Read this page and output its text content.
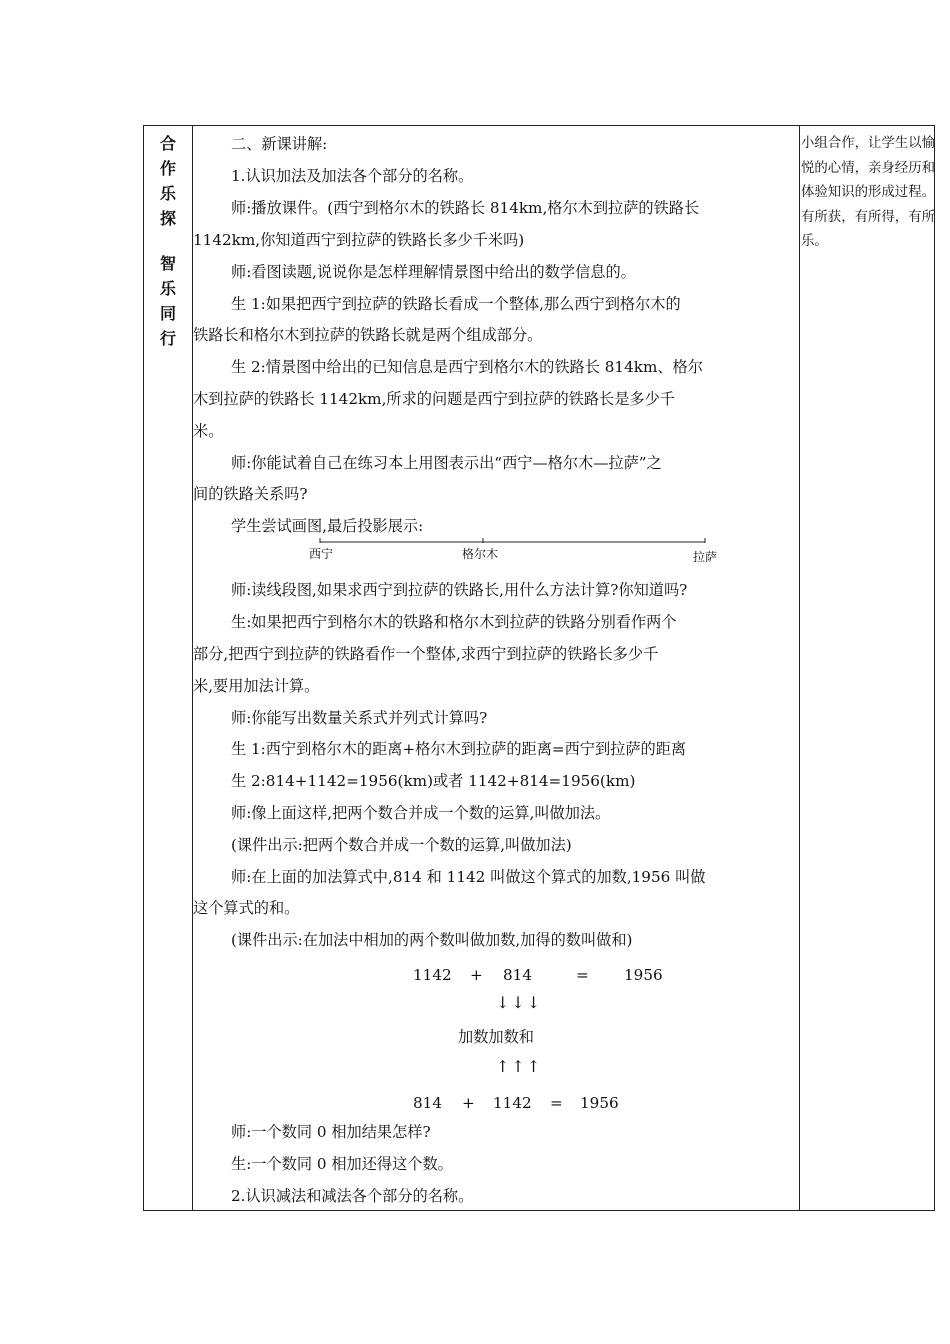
合
作
乐
探
智
乐
同
行
二、新课讲解:
1.认识加法及加法各个部分的名称。
师:播放课件。(西宁到格尔木的铁路长 814km,格尔木到拉萨的铁路长
1142km,你知道西宁到拉萨的铁路长多少千米吗)
师:看图读题,说说你是怎样理解情景图中给出的数学信息的。
生 1:如果把西宁到拉萨的铁路长看成一个整体,那么西宁到格尔木的
铁路长和格尔木到拉萨的铁路长就是两个组成部分。
生 2:情景图中给出的已知信息是西宁到格尔木的铁路长 814km、格尔
木到拉萨的铁路长 1142km,所求的问题是西宁到拉萨的铁路长是多少千
米。
师:你能试着自己在练习本上用图表示出“西宁—格尔木—拉萨”之
间的铁路关系吗?
学生尝试画图,最后投影展示:
西宁	格尔木	拉萨
师:读线段图,如果求西宁到拉萨的铁路长,用什么方法计算?你知道吗?
生:如果把西宁到格尔木的铁路和格尔木到拉萨的铁路分别看作两个
部分,把西宁到拉萨的铁路看作一个整体,求西宁到拉萨的铁路长多少千
米,要用加法计算。
师:你能写出数量关系式并列式计算吗?
生 1:西宁到格尔木的距离+格尔木到拉萨的距离=西宁到拉萨的距离
生 2:814+1142=1956(km)或者 1142+814=1956(km)
师:像上面这样,把两个数合并成一个数的运算,叫做加法。
(课件出示:把两个数合并成一个数的运算,叫做加法)
师:在上面的加法算式中,814 和 1142 叫做这个算式的加数,1956 叫做
这个算式的和。
(课件出示:在加法中相加的两个数叫做加数,加得的数叫做和)
1142 + 814	= 1956
↓↓↓
加数加数和
↑↑↑
814 + 1142 = 1956
师:一个数同 0 相加结果怎样?
生:一个数同 0 相加还得这个数。
2.认识减法和减法各个部分的名称。
小组合作，让学生以愉悦的心情，亲身经历和体验知识的形成过程。有所获，有所得，有所乐。
